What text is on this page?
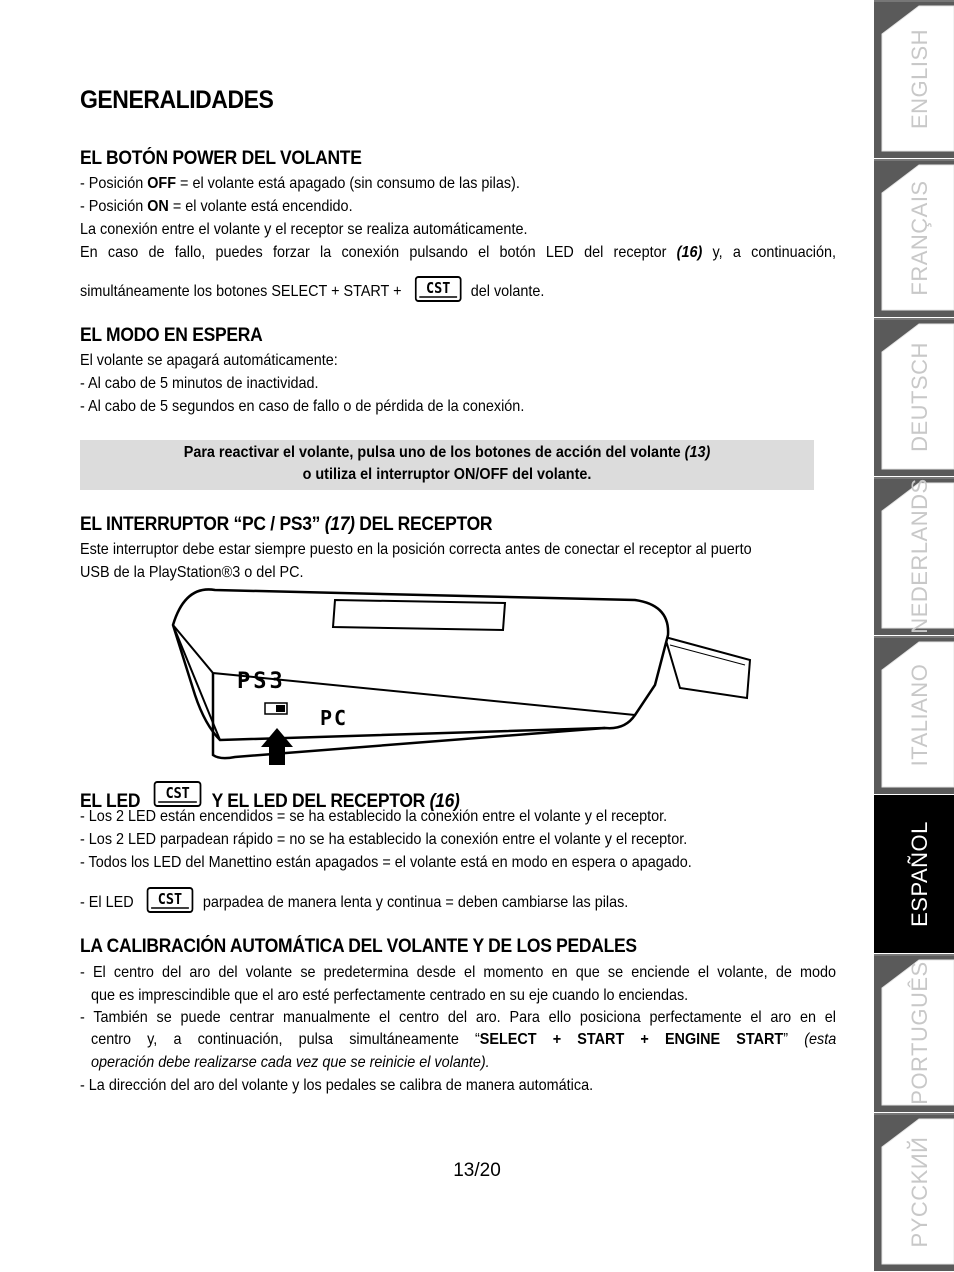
GENERALIDADES
EL BOTÓN POWER DEL VOLANTE

- Posición OFF = el volante está apagado (sin consumo de las pilas).

- Posición ON = el volante está encendido.

La conexión entre el volante y el receptor se realiza automáticamente.

En caso de fallo, puedes forzar la conexión pulsando el botón LED del receptor (16) y, a continuación,

simultáneamente los botones SELECT + START + CST del volante.

EL MODO EN ESPERA

El volante se apagará automáticamente:

- Al cabo de 5 minutos de inactividad.

- Al cabo de 5 segundos en caso de fallo o de pérdida de la conexión.

Para reactivar el volante, pulsa uno de los botones de acción del volante (13)
o utiliza el interruptor ON/OFF del volante.
EL INTERRUPTOR “PC / PS3” (17) DEL RECEPTOR

Este interruptor debe estar siempre puesto en la posición correcta antes de conectar el receptor al puerto

USB de la PlayStation®3 o del PC.

PS3
PC
EL LED CST Y EL LED DEL RECEPTOR (16)

- Los 2 LED están encendidos = se ha establecido la conexión entre el volante y el receptor.

- Los 2 LED parpadean rápido = no se ha establecido la conexión entre el volante y el receptor.

- Todos los LED del Manettino están apagados = el volante está en modo en espera o apagado.

- El LED CST parpadea de manera lenta y continua = deben cambiarse las pilas.

LA CALIBRACIÓN AUTOMÁTICA DEL VOLANTE Y DE LOS PEDALES

- El centro del aro del volante se predetermina desde el momento en que se enciende el volante, de modo

que es imprescindible que el aro esté perfectamente centrado en su eje cuando lo enciendas.

- También se puede centrar manualmente el centro del aro. Para ello posiciona perfectamente el aro en el

centro y, a continuación, pulsa simultáneamente “SELECT + START + ENGINE START” (esta

operación debe realizarse cada vez que se reinicie el volante).

- La dirección del aro del volante y los pedales se calibra de manera automática.

13/20
ENGLISH
FRANÇAIS
DEUTSCH
NEDERLANDS
ITALIANO
ESPAÑOL
PORTUGUÊS
PYCCKИЙ
